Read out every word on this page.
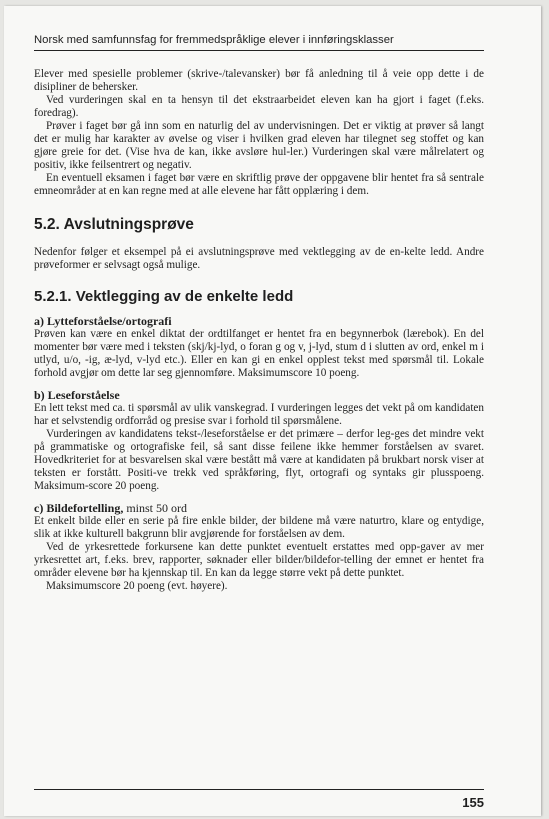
Norsk med samfunnsfag for fremmedspråklige elever i innføringsklasser

Elever med spesielle problemer (skrive-/talevansker) bør få anledning til å veie opp dette i de disipliner de behersker.

Ved vurderingen skal en ta hensyn til det ekstraarbeidet eleven kan ha gjort i faget (f.eks. foredrag).

Prøver i faget bør gå inn som en naturlig del av undervisningen. Det er viktig at prøver så langt det er mulig har karakter av øvelse og viser i hvilken grad eleven har tilegnet seg stoffet og kan gjøre greie for det. (Vise hva de kan, ikke avsløre hul-ler.) Vurderingen skal være målrelatert og positiv, ikke feilsentrert og negativ.

En eventuell eksamen i faget bør være en skriftlig prøve der oppgavene blir hentet fra så sentrale emneområder at en kan regne med at alle elevene har fått opplæring i dem.

5.2. Avslutningsprøve

Nedenfor følger et eksempel på ei avslutningsprøve med vektlegging av de en-kelte ledd. Andre prøveformer er selvsagt også mulige.

5.2.1. Vektlegging av de enkelte ledd
a) Lytteforståelse/ortografi

Prøven kan være en enkel diktat der ordtilfanget er hentet fra en begynnerbok (lærebok). En del momenter bør være med i teksten (skj/kj-lyd, o foran g og v, j-lyd, stum d i slutten av ord, enkel m i utlyd, u/o, -ig, æ-lyd, v-lyd etc.). Eller en kan gi en enkel opplest tekst med spørsmål til. Lokale forhold avgjør om dette lar seg gjennomføre. Maksimumscore 10 poeng.

b) Leseforståelse

En lett tekst med ca. ti spørsmål av ulik vanskegrad. I vurderingen legges det vekt på om kandidaten har et selvstendig ordforråd og presise svar i forhold til spørsmålene.

Vurderingen av kandidatens tekst-/leseforståelse er det primære – derfor leg-ges det mindre vekt på grammatiske og ortografiske feil, så sant disse feilene ikke hemmer forståelsen av svaret. Hovedkriteriet for at besvarelsen skal være bestått må være at kandidaten på brukbart norsk viser at teksten er forstått. Positi-ve trekk ved språkføring, flyt, ortografi og syntaks gir plusspoeng. Maksimum-score 20 poeng.

c) Bildefortelling, minst 50 ord

Et enkelt bilde eller en serie på fire enkle bilder, der bildene må være naturtro, klare og entydige, slik at ikke kulturell bakgrunn blir avgjørende for forståelsen av dem.

Ved de yrkesrettede forkursene kan dette punktet eventuelt erstattes med opp-gaver av mer yrkesrettet art, f.eks. brev, rapporter, søknader eller bilder/bildefor-telling der emnet er hentet fra områder elevene bør ha kjennskap til. En kan da legge større vekt på dette punktet.

Maksimumscore 20 poeng (evt. høyere).

155
